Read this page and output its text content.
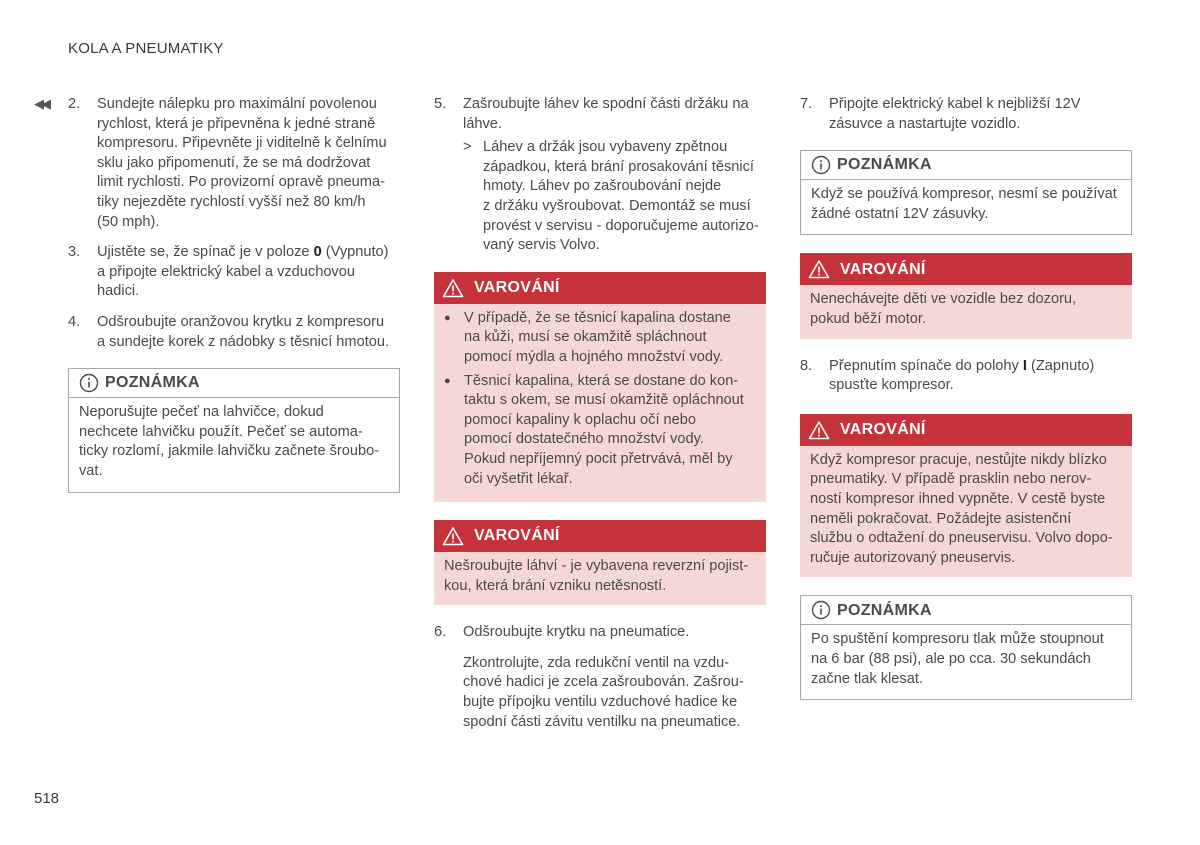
KOLA A PNEUMATIKY
◀◀ 2.	Sundejte nálepku pro maximální povolenou
rychlost, která je připevněna k jedné straně
kompresoru. Připevněte ji viditelně k čelnímu
sklu jako připomenutí, že se má dodržovat
limit rychlosti. Po provizorní opravě pneuma-
tiky nejezděte rychlostí vyšší než 80 km/h
(50 mph).
3.	Ujistěte se, že spínač je v poloze 0 (Vypnuto)
a připojte elektrický kabel a vzduchovou
hadici.
4.	Odšroubujte oranžovou krytku z kompresoru
a sundejte korek z nádobky s těsnicí hmotou.
POZNÁMKA
Neporušujte pečeť na lahvičce, dokud
nechcete lahvičku použít. Pečeť se automa-
ticky rozlomí, jakmile lahvičku začnete šroubo-
vat.
5.	Zašroubujte láhev ke spodní části držáku na
láhve.
> Láhev a držák jsou vybaveny zpětnou
západkou, která brání prosakování těsnicí
hmoty. Láhev po zašroubování nejde
z držáku vyšroubovat. Demontáž se musí
provést v servisu - doporučujeme autorizo-
vaný servis Volvo.
VAROVÁNÍ
● V případě, že se těsnicí kapalina dostane
na kůži, musí se okamžitě spláchnout
pomocí mýdla a hojného množství vody.
● Těsnicí kapalina, která se dostane do kon-
taktu s okem, se musí okamžitě opláchnout
pomocí kapaliny k oplachu očí nebo
pomocí dostatečného množství vody.
Pokud nepříjemný pocit přetrvává, měl by
oči vyšetřit lékař.
VAROVÁNÍ
Nešroubujte láhví - je vybavena reverzní pojist-
kou, která brání vzniku netěsností.
6.	Odšroubujte krytku na pneumatice.
Zkontrolujte, zda redukční ventil na vzdu-
chové hadici je zcela zašroubován. Zašrou-
bujte přípojku ventilu vzduchové hadice ke
spodní části závitu ventilku na pneumatice.
7.	Připojte elektrický kabel k nejbližší 12V
zásuvce a nastartujte vozidlo.
POZNÁMKA
Když se používá kompresor, nesmí se používat
žádné ostatní 12V zásuvky.
VAROVÁNÍ
Nenechávejte děti ve vozidle bez dozoru,
pokud běží motor.
8.	Přepnutím spínače do polohy I (Zapnuto)
spusťte kompresor.
VAROVÁNÍ
Když kompresor pracuje, nestůjte nikdy blízko
pneumatiky. V případě prasklin nebo nerov-
ností kompresor ihned vypněte. V cestě byste
neměli pokračovat. Požádejte asistenční
službu o odtažení do pneuservisu. Volvo dopo-
ručuje autorizovaný pneuservis.
POZNÁMKA
Po spuštění kompresoru tlak může stoupnout
na 6 bar (88 psi), ale po cca. 30 sekundách
začne tlak klesat.
518
